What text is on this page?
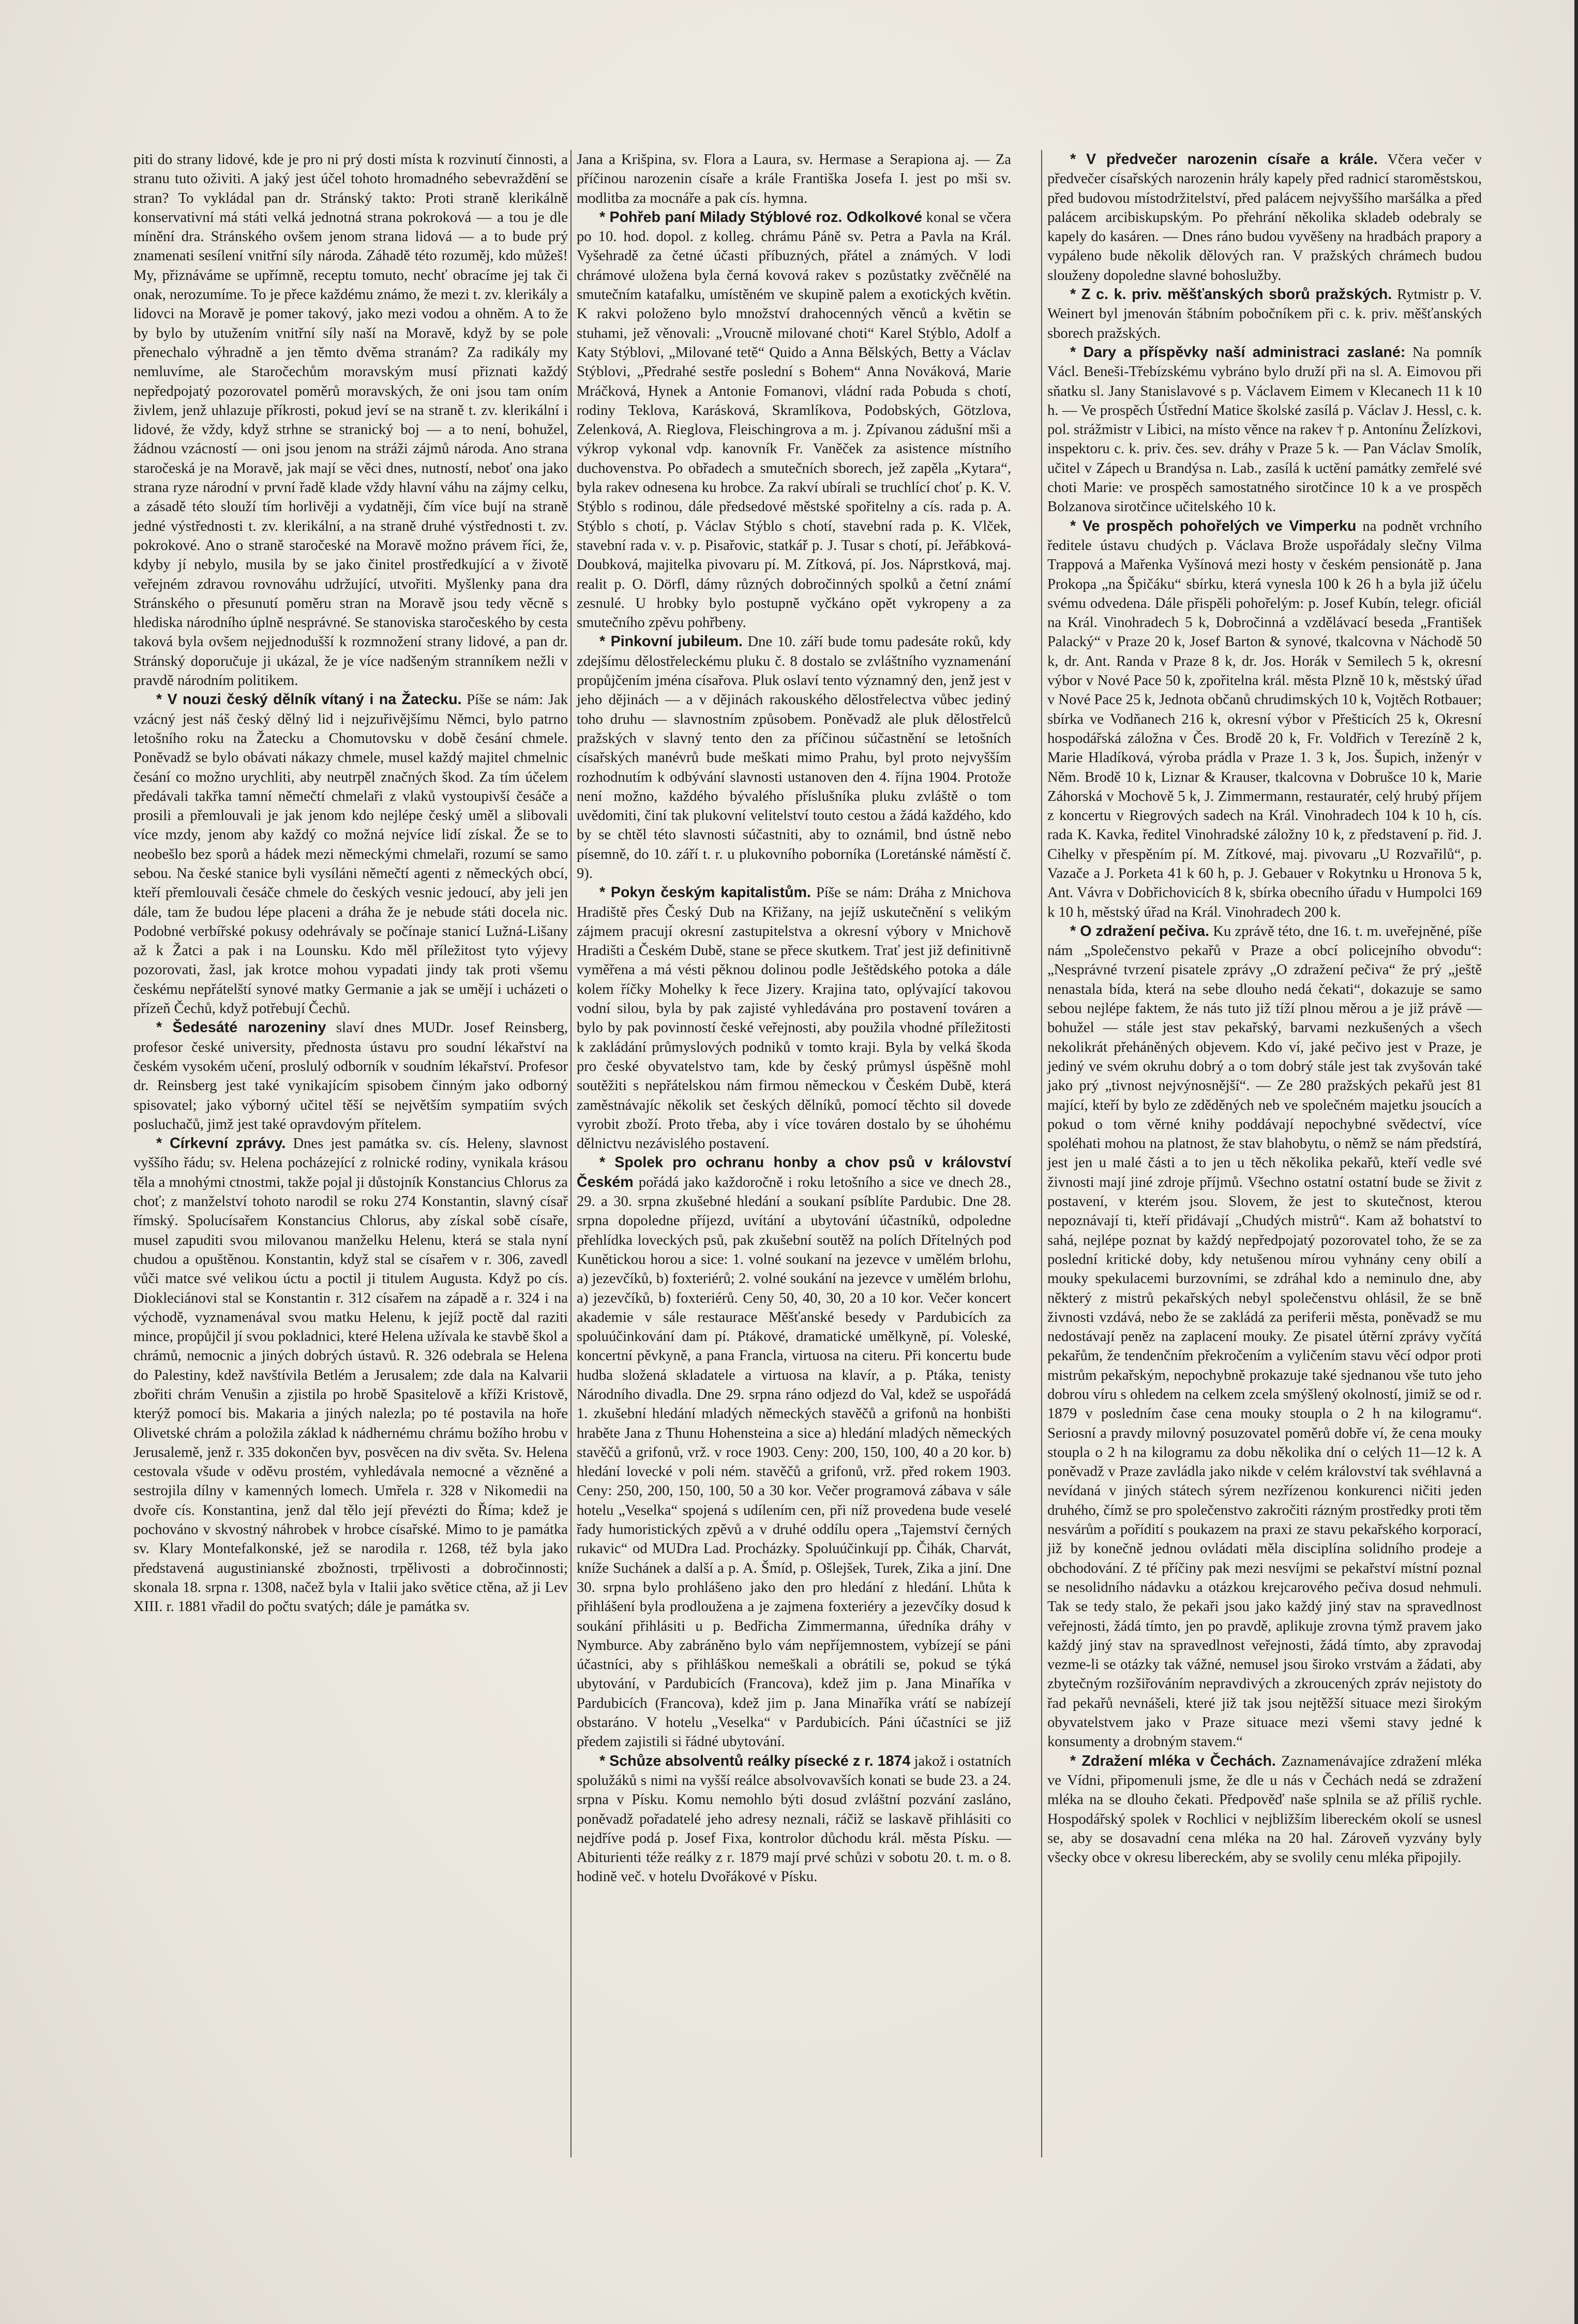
piti do strany lidové, kde je pro ni prý dosti místa k rozvinutí činnosti, a stranu tuto oživiti. A jaký jest účel tohoto hromadného sebevraždění se stran? To vykládal pan dr. Stránský takto: Proti straně klerikálně konservativní má státi velká jednotná strana pokroková — a tou je dle mínění dra. Stránského ovšem jenom strana lidová — a to bude prý znamenati sesílení vnitřní síly národa. Záhadě této rozuměj, kdo můžeš! My, přiznáváme se upřímně, receptu tomuto, nechť obracíme jej tak či onak, nerozumíme. To je přece každému známo, že mezi t. zv. klerikály a lidovci na Moravě je pomer takový, jako mezi vodou a ohněm. A to že by bylo by utužením vnitřní síly naší na Moravě, když by se pole přenechalo výhradně a jen těmto dvěma stranám? Za radikály my nemluvíme, ale Staročechům moravským musí přiznati každý nepředpojatý pozorovatel poměrů moravských, že oni jsou tam oním živlem, jenž uhlazuje příkrosti, pokud jeví se na straně t. zv. klerikální i lidové, že vždy, když strhne se stranický boj — a to není, bohužel, žádnou vzácností — oni jsou jenom na stráži zájmů národa. Ano strana staročeská je na Moravě, jak mají se věci dnes, nutností, neboť ona jako strana ryze národní v první řadě klade vždy hlavní váhu na zájmy celku, a zásadě této slouží tím horlivěji a vydatněji, čím více bují na straně jedné výstřednosti t. zv. klerikální, a na straně druhé výstřednosti t. zv. pokrokové. Ano o straně staročeské na Moravě možno právem říci, že, kdyby jí nebylo, musila by se jako činitel prostředkující a v životě veřejném zdravou rovnováhu udržující, utvořiti. Myšlenky pana dra Stránského o přesunutí poměru stran na Moravě jsou tedy věcně s hlediska národního úplně nesprávné. Se stanoviska staročeského by cesta taková byla ovšem nejjednodušší k rozmnožení strany lidové, a pan dr. Stránský doporučuje ji ukázal, že je více nadšeným stranníkem nežli v pravdě národním politikem.

* V nouzi český dělník vítaný i na Žatecku. Píše se nám: Jak vzácný jest náš český dělný lid i nejzuřivějšímu Němci, bylo patrno letošního roku na Žatecku a Chomutovsku v době česání chmele. Poněvadž se bylo obávati nákazy chmele, musel každý majitel chmelnic česání co možno urychliti, aby neutrpěl značných škod. Za tím účelem předávali takřka tamní němečtí chmelaři z vlaků vystoupivší česáče a prosili a přemlouvali je jak jenom kdo nejlépe český uměl a slibovali více mzdy, jenom aby každý co možná nejvíce lidí získal. Že se to neobešlo bez sporů a hádek mezi německými chmelaři, rozumí se samo sebou. Na české stanice byli vysíláni němečtí agenti z německých obcí, kteří přemlouvali česáče chmele do českých vesnic jedoucí, aby jeli jen dále, tam že budou lépe placeni a dráha že je nebude státi docela nic. Podobné verbířské pokusy odehrávaly se počínaje stanicí Lužná-Lišany až k Žatci a pak i na Lounsku. Kdo měl příležitost tyto výjevy pozorovati, žasl, jak krotce mohou vypadati jindy tak proti všemu českému nepřátelští synové matky Germanie a jak se umějí i ucházeti o přízeň Čechů, když potřebují Čechů.

* Šedesáté narozeniny slaví dnes MUDr. Josef Reinsberg, profesor české university, přednosta ústavu pro soudní lékařství na českém vysokém učení, proslulý odborník v soudním lékařství. Profesor dr. Reinsberg jest také vynikajícím spisobem činným jako odborný spisovatel; jako výborný učitel těší se největším sympatiím svých posluchačů, jimž jest také opravdovým přítelem.

* Církevní zprávy. Dnes jest památka sv. cís. Heleny, slavnost vyššího řádu; sv. Helena pocházející z rolnické rodiny, vynikala krásou těla a mnohými ctnostmi, takže pojal ji důstojník Konstancius Chlorus za choť; z manželství tohoto narodil se roku 274 Konstantin, slavný císař římský. Spolucísařem Konstancius Chlorus, aby získal sobě císaře, musel zapuditi svou milovanou manželku Helenu, která se stala nyní chudou a opuštěnou. Konstantin, když stal se císařem v r. 306, zavedl vůči matce své velikou úctu a poctil ji titulem Augusta. Když po cís. Diokleciánovi stal se Konstantin r. 312 císařem na západě a r. 324 i na východě, vyznamenával svou matku Helenu, k jejíž poctě dal raziti mince, propůjčil jí svou pokladnici, které Helena užívala ke stavbě škol a chrámů, nemocnic a jiných dobrých ústavů. R. 326 odebrala se Helena do Palestiny, kdež navštívila Betlém a Jerusalem; zde dala na Kalvarii zbořiti chrám Venušin a zjistila po hrobě Spasitelově a kříži Kristově, kterýž pomocí bis. Makaria a jiných nalezla; po té postavila na hoře Olivetské chrám a položila základ k nádhernému chrámu božího hrobu v Jerusalemě, jenž r. 335 dokončen byv, posvěcen na div světa. Sv. Helena cestovala všude v oděvu prostém, vyhledávala nemocné a vězněné a sestrojila dílny v kamenných lomech. Umřela r. 328 v Nikomedii na dvoře cís. Konstantina, jenž dal tělo její převézti do Říma; kdež je pochováno v skvostný náhrobek v hrobce císařské. Mimo to je památka sv. Klary Montefalkonské, jež se narodila r. 1268, též byla jako představená augustinianské zbožnosti, trpělivosti a dobročinnosti; skonala 18. srpna r. 1308, načež byla v Italii jako světice ctěna, až ji Lev XIII. r. 1881 vřadil do počtu svatých; dále je památka sv.

Jana a Krišpina, sv. Flora a Laura, sv. Hermase a Serapiona aj. — Za příčinou narozenin císaře a krále Františka Josefa I. jest po mši sv. modlitba za mocnáře a pak cís. hymna.

* Pohřeb paní Milady Stýblové roz. Odkolkové konal se včera po 10. hod. dopol. z kolleg. chrámu Páně sv. Petra a Pavla na Král. Vyšehradě za četné účasti příbuzných, přátel a známých. V lodi chrámové uložena byla černá kovová rakev s pozůstatky zvěčnělé na smutečním katafalku, umístěném ve skupině palem a exotických květin. K rakvi položeno bylo množství drahocenných věnců a květin se stuhami, jež věnovali: „Vroucně milované choti“ Karel Stýblo, Adolf a Katy Stýblovi, „Milované tetě“ Quido a Anna Bělských, Betty a Václav Stýblovi, „Předrahé sestře poslední s Bohem“ Anna Nováková, Marie Mráčková, Hynek a Antonie Fomanovi, vládní rada Pobuda s chotí, rodiny Teklova, Karásková, Skramlíkova, Podobských, Götzlova, Zelenková, A. Rieglova, Fleischingrova a m. j. Zpívanou zádušní mši a výkrop vykonal vdp. kanovník Fr. Vaněček za asistence místního duchovenstva. Po obřadech a smutečních sborech, jež zapěla „Kytara“, byla rakev odnesena ku hrobce. Za rakví ubírali se truchlící choť p. K. V. Stýblo s rodinou, dále předsedové městské spořitelny a cís. rada p. A. Stýblo s chotí, p. Václav Stýblo s chotí, stavební rada p. K. Vlček, stavební rada v. v. p. Pisařovic, statkář p. J. Tusar s chotí, pí. Jeřábková-Doubková, majitelka pivovaru pí. M. Zítková, pí. Jos. Náprstková, maj. realit p. O. Dörfl, dámy různých dobročinných spolků a četní známí zesnulé. U hrobky bylo postupně vyčkáno opět vykropeny a za smutečního zpěvu pohřbeny.

* Pinkovní jubileum. Dne 10. září bude tomu padesáte roků, kdy zdejšímu dělostřeleckému pluku č. 8 dostalo se zvláštního vyznamenání propůjčením jména císařova. Pluk oslaví tento významný den, jenž jest v jeho dějinách — a v dějinách rakouského dělostřelectva vůbec jediný toho druhu — slavnostním způsobem. Poněvadž ale pluk dělostřelců pražských v slavný tento den za příčinou súčastnění se letošních císařských manévrů bude meškati mimo Prahu, byl proto nejvyšším rozhodnutím k odbývání slavnosti ustanoven den 4. října 1904. Protože není možno, každého bývalého příslušníka pluku zvláště o tom uvědomiti, činí tak plukovní velitelství touto cestou a žádá každého, kdo by se chtěl této slavnosti súčastniti, aby to oznámil, bnd ústně nebo písemně, do 10. září t. r. u plukovního poborníka (Loretánské náměstí č. 9).

* Pokyn českým kapitalistům. Píše se nám: Dráha z Mnichova Hradiště přes Český Dub na Křižany, na jejíž uskutečnění s velikým zájmem pracují okresní zastupitelstva a okresní výbory v Mnichově Hradišti a Českém Dubě, stane se přece skutkem. Trať jest již definitivně vyměřena a má vésti pěknou dolinou podle Ještědského potoka a dále kolem říčky Mohelky k řece Jizery. Krajina tato, oplývající takovou vodní silou, byla by pak zajisté vyhledávána pro postavení továren a bylo by pak povinností české veřejnosti, aby použila vhodné příležitosti k zakládání průmyslových podniků v tomto kraji. Byla by velká škoda pro české obyvatelstvo tam, kde by český průmysl úspěšně mohl soutěžiti s nepřátelskou nám firmou německou v Českém Dubě, která zaměstnávajíc několik set českých dělníků, pomocí těchto sil dovede vyrobit zboží. Proto třeba, aby i více továren dostalo by se úhohému dělnictvu nezávislého postavení.

* Spolek pro ochranu honby a chov psů v království Českém pořádá jako každoročně i roku letošního a sice ve dnech 28., 29. a 30. srpna zkušebné hledání a soukaní psíblíte Pardubic. Dne 28. srpna dopoledne příjezd, uvítání a ubytování účastníků, odpoledne přehlídka loveckých psů, pak zkušební soutěž na polích Dřítelných pod Kunětickou horou a sice: 1. volné soukaní na jezevce v umělém brlohu, a) jezevčíků, b) foxteriérů; 2. volné soukání na jezevce v umělém brlohu, a) jezevčíků, b) foxteriérů. Ceny 50, 40, 30, 20 a 10 kor. Večer koncert akademie v sále restaurace Měšťanské besedy v Pardubicích za spoluúčinkování dam pí. Ptákové, dramatické umělkyně, pí. Voleské, koncertní pěvkyně, a pana Francla, virtuosa na citeru. Při koncertu bude hudba složená skladatele a virtuosa na klavír, a p. Ptáka, tenisty Národního divadla. Dne 29. srpna ráno odjezd do Val, kdež se uspořádá 1. zkušební hledání mladých německých stavěčů a grifonů na honbišti hraběte Jana z Thunu Hohensteina a sice a) hledání mladých německých stavěčů a grifonů, vrž. v roce 1903. Ceny: 200, 150, 100, 40 a 20 kor. b) hledání lovecké v poli ném. stavěčů a grifonů, vrž. před rokem 1903. Ceny: 250, 200, 150, 100, 50 a 30 kor. Večer programová zábava v sále hotelu „Veselka“ spojená s udílením cen, při níž provedena bude veselé řady humoristických zpěvů a v druhé oddílu opera „Tajemství černých rukavic“ od MUDra Lad. Procházky. Spoluúčinkují pp. Čihák, Charvát, kníže Suchánek a další a p. A. Šmíd, p. Ošlejšek, Turek, Zika a jiní. Dne 30. srpna bylo prohlášeno jako den pro hledání z hledání. Lhůta k přihlášení byla prodloužena a je zajmena foxteriéry a jezevčíky dosud k soukání přihlásiti u p. Bedřicha Zimmermanna, úředníka dráhy v Nymburce. Aby zabráněno bylo vám nepříjemnostem, vybízejí se páni účastníci, aby s přihláškou nemeškali a obrátili se, pokud se týká ubytování, v Pardubicích (Francova), kdež jim p. Jana Minaříka v Pardubicích (Francova), kdež jim p. Jana Minaříka vrátí se nabízejí obstaráno. V hotelu „Veselka“ v Pardubicích. Páni účastníci se již předem zajistili si řádné ubytování.

* Schůze absolventů reálky písecké z r. 1874 jakož i ostatních spolužáků s nimi na vyšší reálce absolvovavších konati se bude 23. a 24. srpna v Písku. Komu nemohlo býti dosud zvláštní pozvání zasláno, poněvadž pořadatelé jeho adresy neznali, ráčiž se laskavě přihlásiti co nejdříve podá p. Josef Fixa, kontrolor důchodu král. města Písku. — Abiturienti téže reálky z r. 1879 mají prvé schůzi v sobotu 20. t. m. o 8. hodině več. v hotelu Dvořákové v Písku.

* V předvečer narozenin císaře a krále. Včera večer v předvečer císařských narozenin hrály kapely před radnicí staroměstskou, před budovou místodržitelství, před palácem nejvyššího maršálka a před palácem arcibiskupským. Po přehrání několika skladeb odebraly se kapely do kasáren. — Dnes ráno budou vyvěšeny na hradbách prapory a vypáleno bude několik dělových ran. V pražských chrámech budou slouženy dopoledne slavné bohoslužby.

* Z c. k. priv. měšťanských sborů pražských. Rytmistr p. V. Weinert byl jmenován štábním pobočníkem při c. k. priv. měšťanských sborech pražských.

* Dary a příspěvky naší administraci zaslané: Na pomník Václ. Beneši-Třebízskému vybráno bylo druží při na sl. A. Eimovou při sňatku sl. Jany Stanislavové s p. Václavem Eimem v Klecanech 11 k 10 h. — Ve prospěch Ústřední Matice školské zasílá p. Václav J. Hessl, c. k. pol. strážmistr v Libici, na místo věnce na rakev † p. Antonínu Želízkovi, inspektoru c. k. priv. čes. sev. dráhy v Praze 5 k. — Pan Václav Smolík, učitel v Zápech u Brandýsa n. Lab., zasílá k uctění památky zemřelé své choti Marie: ve prospěch samostatného sirotčince 10 k a ve prospěch Bolzanova sirotčince učitelského 10 k.

* Ve prospěch pohořelých ve Vimperku na podnět vrchního ředitele ústavu chudých p. Václava Brože uspořádaly slečny Vilma Trappová a Mařenka Vyšínová mezi hosty v českém pensionátě p. Jana Prokopa „na Špičáku“ sbírku, která vynesla 100 k 26 h a byla již účelu svému odvedena. Dále přispěli pohořelým: p. Josef Kubín, telegr. oficiál na Král. Vinohradech 5 k, Dobročinná a vzdělávací beseda „František Palacký“ v Praze 20 k, Josef Barton & synové, tkalcovna v Náchodě 50 k, dr. Ant. Randa v Praze 8 k, dr. Jos. Horák v Semilech 5 k, okresní výbor v Nové Pace 50 k, zpořitelna král. města Plzně 10 k, městský úřad v Nové Pace 25 k, Jednota občanů chrudimských 10 k, Vojtěch Rotbauer; sbírka ve Vodňanech 216 k, okresní výbor v Přešticích 25 k, Okresní hospodářská záložna v Čes. Brodě 20 k, Fr. Voldřich v Terezíně 2 k, Marie Hladíková, výroba prádla v Praze 1. 3 k, Jos. Šupich, inženýr v Něm. Brodě 10 k, Liznar & Krauser, tkalcovna v Dobrušce 10 k, Marie Záhorská v Mochově 5 k, J. Zimmermann, restauratér, celý hrubý příjem z koncertu v Riegrových sadech na Král. Vinohradech 104 k 10 h, cís. rada K. Kavka, ředitel Vinohradské záložny 10 k, z představení p. řid. J. Cihelky v přespěním pí. M. Zítkové, maj. pivovaru „U Rozvařilů“, p. Vazače a J. Porketa 41 k 60 h, p. J. Gebauer v Rokytnku u Hronova 5 k, Ant. Vávra v Dobřichovicích 8 k, sbírka obecního úřadu v Humpolci 169 k 10 h, městský úřad na Král. Vinohradech 200 k.

* O zdražení pečiva. Ku zprávě této, dne 16. t. m. uveřejněné, píše nám „Společenstvo pekařů v Praze a obcí policejního obvodu“: „Nesprávné tvrzení pisatele zprávy „O zdražení pečiva“ že prý „ještě nenastala bída, která na sebe dlouho nedá čekati“, dokazuje se samo sebou nejlépe faktem, že nás tuto již tíží plnou měrou a je již právě — bohužel — stále jest stav pekařský, barvami nezkušených a všech nekolikrát přeháněných objevem. Kdo ví, jaké pečivo jest v Praze, je jediný ve svém okruhu dobrý a o tom dobrý stále jest tak zvyšován také jako prý „tivnost nejvýnosnější“. — Ze 280 pražských pekařů jest 81 mající, kteří by bylo ze zděděných neb ve společném majetku jsoucích a pokud o tom věrné knihy poddávají nepochybné svědectví, více spoléhati mohou na platnost, že stav blahobytu, o němž se nám předstírá, jest jen u malé části a to jen u těch několika pekařů, kteří vedle své živnosti mají jiné zdroje příjmů. Všechno ostatní ostatní bude se živit z postavení, v kterém jsou. Slovem, že jest to skutečnost, kterou nepoznávají ti, kteří přidávají „Chudých mistrů“. Kam až bohatství to sahá, nejlépe poznat by každý nepředpojatý pozorovatel toho, že se za poslední kritické doby, kdy netušenou mírou vyhnány ceny obilí a mouky spekulacemi burzovními, se zdráhal kdo a neminulo dne, aby některý z mistrů pekařských nebyl společenstvu ohlásil, že se bně živnosti vzdává, nebo že se zakládá za periferii města, poněvadž se mu nedostávají peněz na zaplacení mouky. Ze pisatel útěrní zprávy vyčítá pekařům, že tendenčním překročením a vyličením stavu věcí odpor proti mistrům pekařským, nepochybně prokazuje také sjednanou vše tuto jeho dobrou víru s ohledem na celkem zcela smýšlený okolností, jimiž se od r. 1879 v posledním čase cena mouky stoupla o 2 h na kilogramu“. Seriosní a pravdy milovný posuzovatel poměrů dobře ví, že cena mouky stoupla o 2 h na kilogramu za dobu několika dní o celých 11—12 k. A poněvadž v Praze zavládla jako nikde v celém království tak svéhlavná a nevídaná v jiných státech sýrem nezřízenou konkurenci ničiti jeden druhého, čímž se pro společenstvo zakročiti rázným prostředky proti těm nesvárům a pořídití s poukazem na praxi ze stavu pekařského korporací, již by konečně jednou ovládati měla disciplína solidního prodeje a obchodování. Z té příčiny pak mezi nesvíjmi se pekařství místní poznal se nesolidního nádavku a otázkou krejcarového pečiva dosud nehmuli. Tak se tedy stalo, že pekaři jsou jako každý jiný stav na spravedlnost veřejnosti, žádá tímto, jen po pravdě, aplikuje zrovna týmž pravem jako každý jiný stav na spravedlnost veřejnosti, žádá tímto, aby zpravodaj vezme-li se otázky tak vážné, nemusel jsou široko vrstvám a žádati, aby zbytečným rozšiřováním nepravdivých a zkroucených zpráv nejistoty do řad pekařů nevnášeli, které již tak jsou nejtěžší situace mezi širokým obyvatelstvem jako v Praze situace mezi všemi stavy jedné k konsumenty a drobným stavem.“

* Zdražení mléka v Čechách. Zaznamenávajíce zdražení mléka ve Vídni, připomenuli jsme, že dle u nás v Čechách nedá se zdražení mléka na se dlouho čekati. Předpověď naše splnila se až příliš rychle. Hospodářský spolek v Rochlici v nejbližším libereckém okolí se usnesl se, aby se dosavadní cena mléka na 20 hal. Zároveň vyzvány byly všecky obce v okresu libereckém, aby se svolily cenu mléka připojily.
